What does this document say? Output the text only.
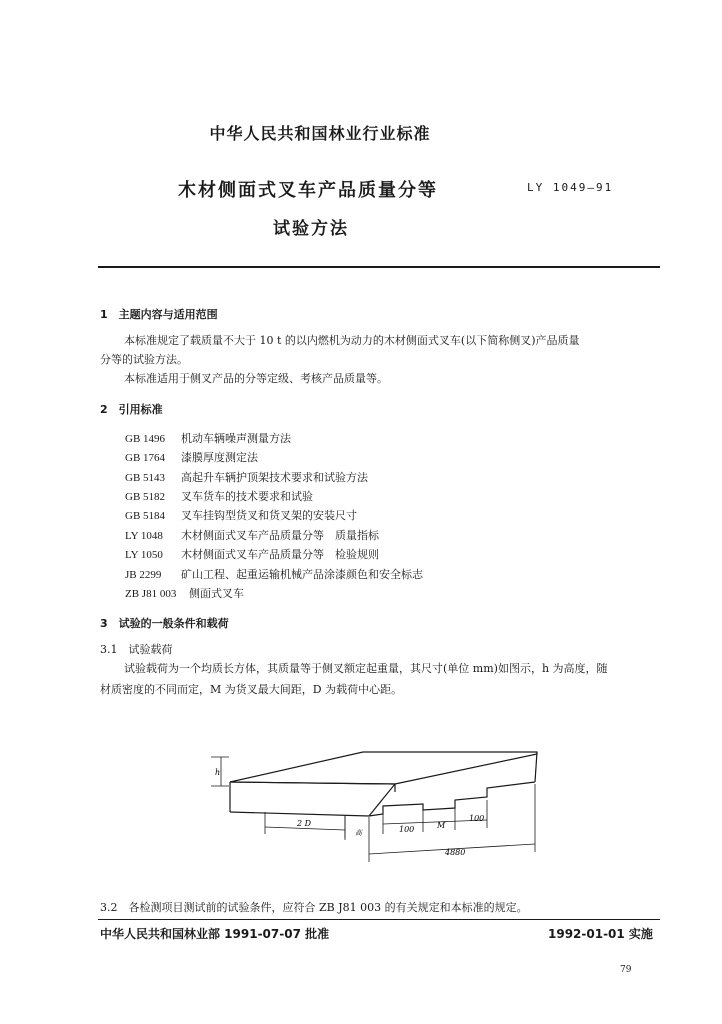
中华人民共和国林业行业标准
木材侧面式叉车产品质量分等	LY 1049—91
试验方法
1　主题内容与适用范围
本标准规定了载质量不大于 10 t 的以内燃机为动力的木材侧面式叉车(以下简称侧叉)产品质量
分等的试验方法。
本标准适用于侧叉产品的分等定级、考核产品质量等。
2　引用标准
GB 1496 机动车辆噪声测量方法
GB 1764 漆膜厚度测定法
GB 5143 高起升车辆护顶架技术要求和试验方法
GB 5182 叉车货车的技术要求和试验
GB 5184 叉车挂钩型货叉和货叉架的安装尺寸
LY 1048 木材侧面式叉车产品质量分等　质量指标
LY 1050 木材侧面式叉车产品质量分等　检验规则
JB 2299 矿山工程、起重运输机械产品涂漆颜色和安全标志
ZB J81 003 侧面式叉车
3　试验的一般条件和载荷
3.1　试验载荷
试验载荷为一个均质长方体，其质量等于侧叉额定起重量，其尺寸(单位 mm)如图示，h 为高度，随
材质密度的不同而定，M 为货叉最大间距，D 为载荷中心距。
h
2 D
高	100	M
100
4880
3.2　各检测项目测试前的试验条件，应符合 ZB J81 003 的有关规定和本标准的规定。
中华人民共和国林业部 1991-07-07 批准	1992-01-01 实施
79
